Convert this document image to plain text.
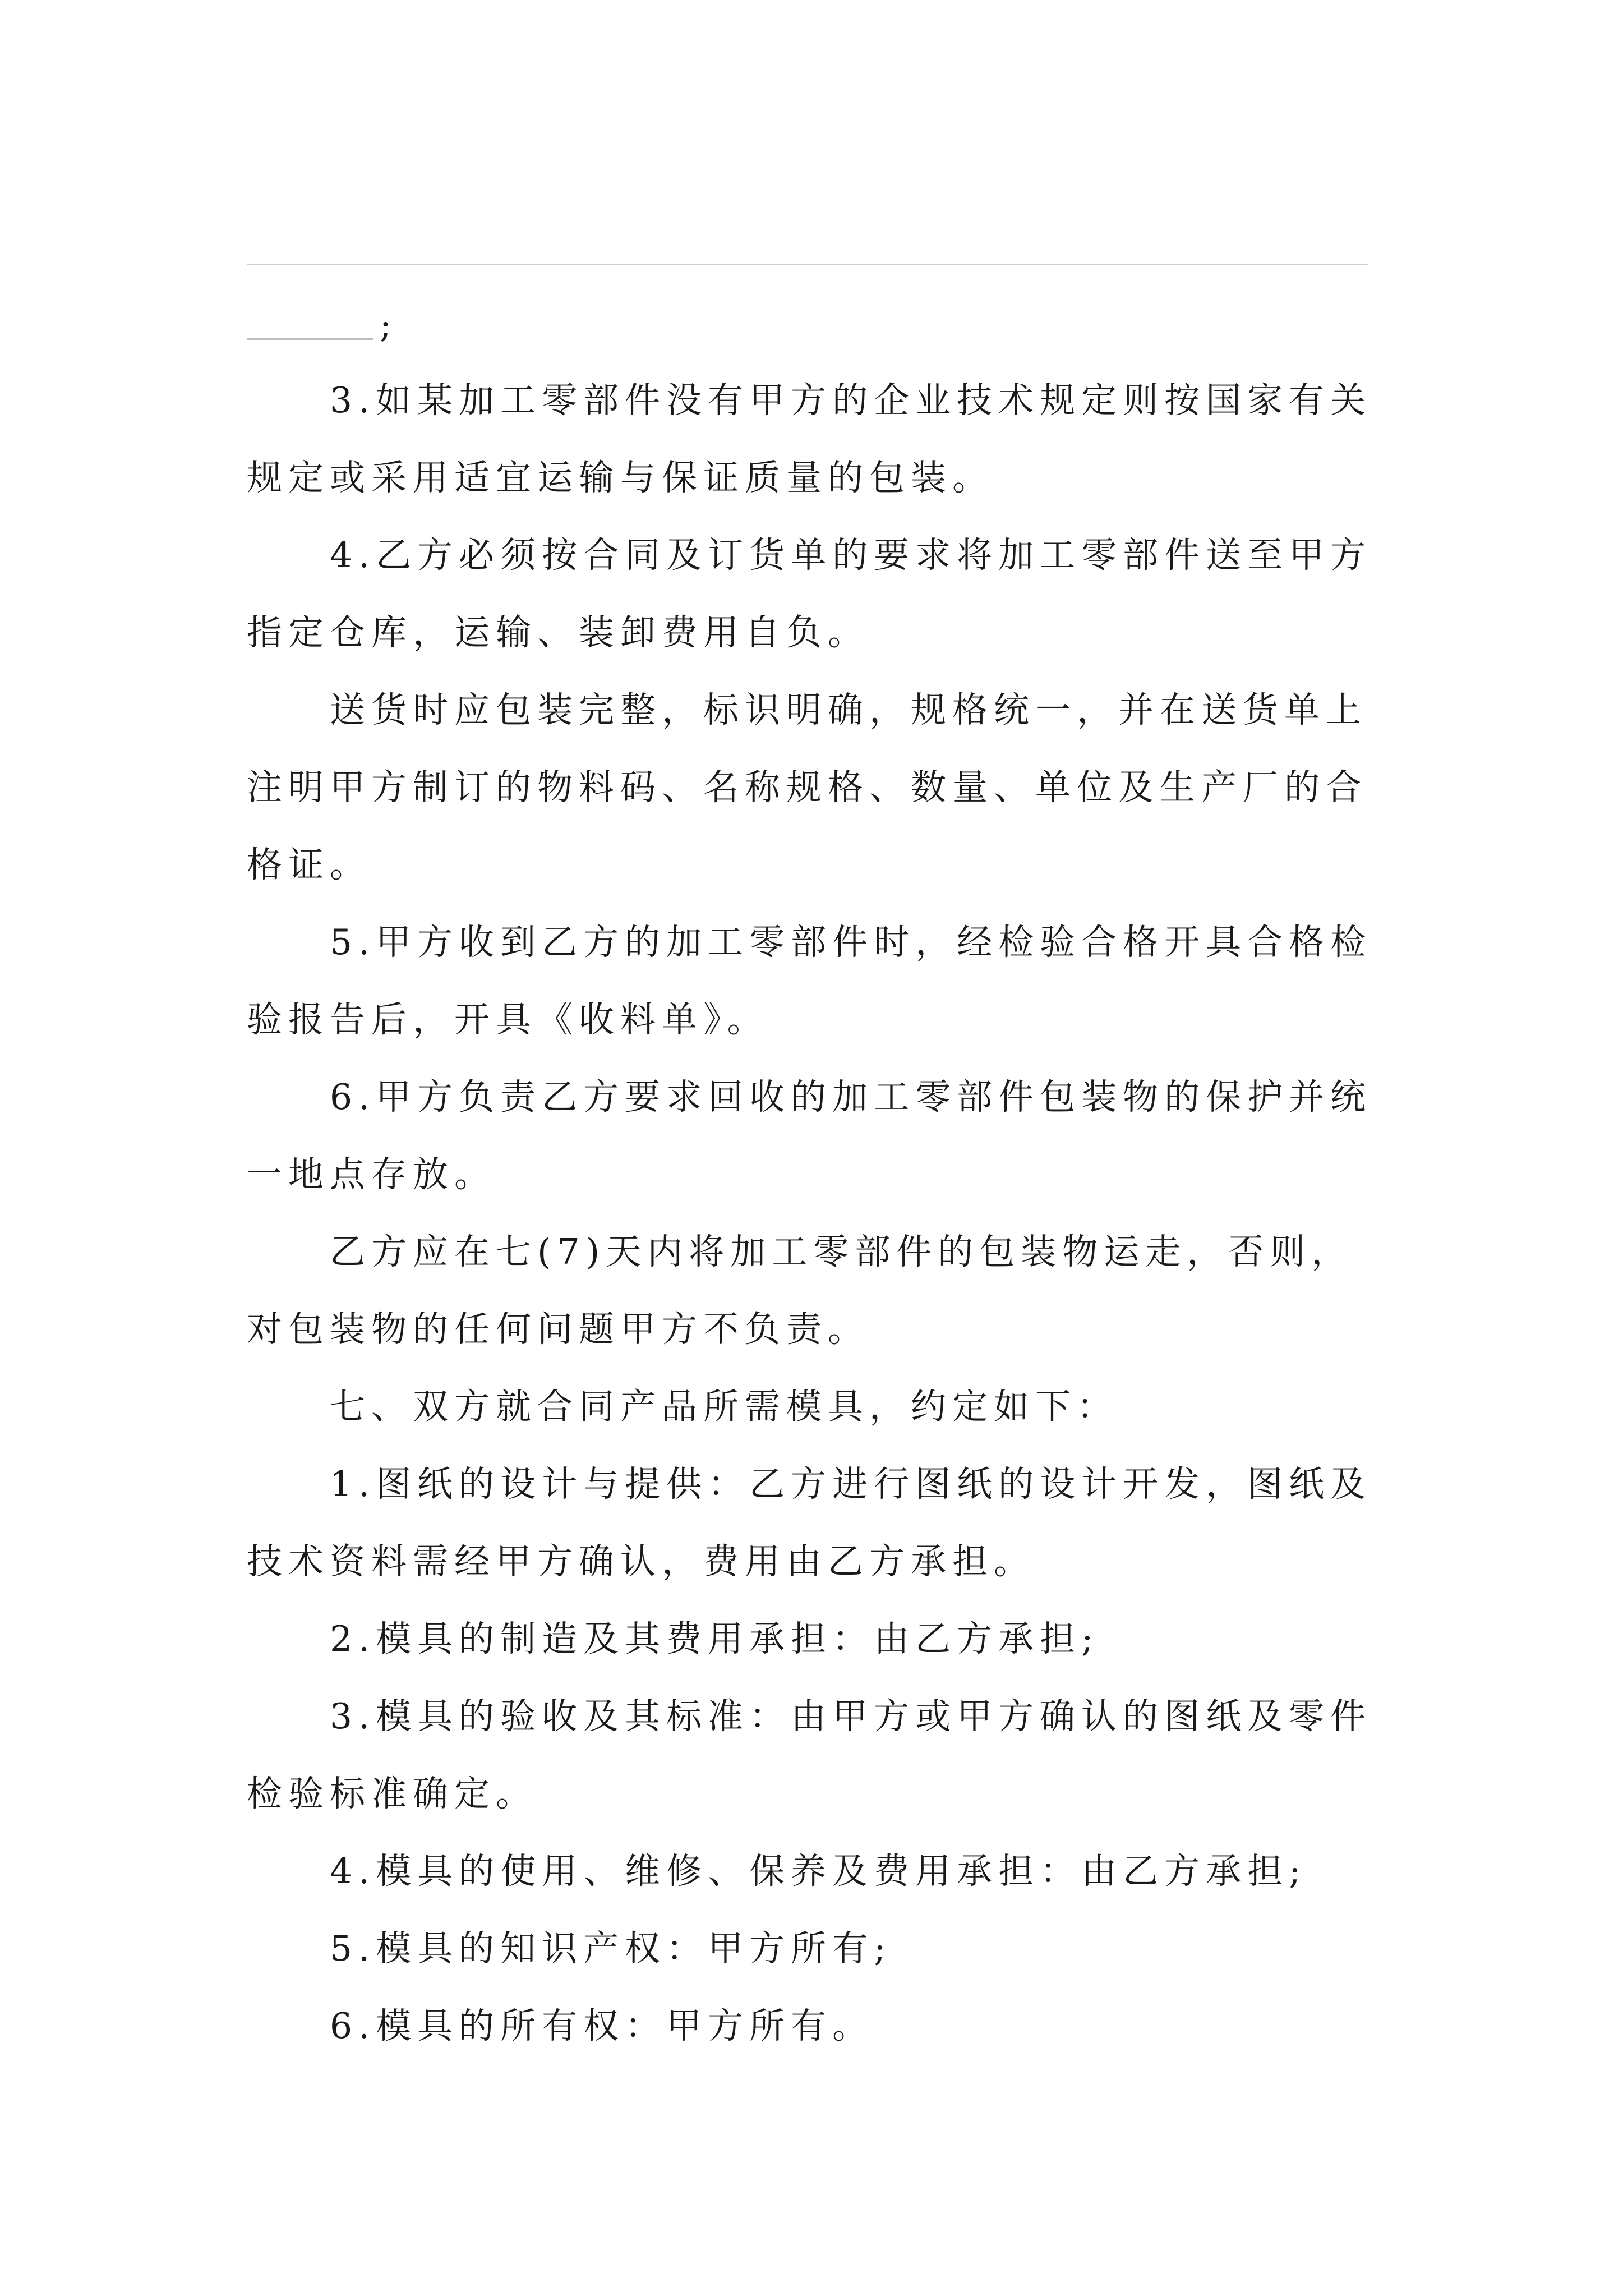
;

3.如某加工零部件没有甲方的企业技术规定则按国家有关规定或采用适宜运输与保证质量的包装。

4.乙方必须按合同及订货单的要求将加工零部件送至甲方指定仓库，运输、装卸费用自负。

送货时应包装完整，标识明确，规格统一，并在送货单上注明甲方制订的物料码、名称规格、数量、单位及生产厂的合格证。

5.甲方收到乙方的加工零部件时，经检验合格开具合格检验报告后，开具《收料单》。

6.甲方负责乙方要求回收的加工零部件包装物的保护并统一地点存放。

乙方应在七(7)天内将加工零部件的包装物运走，否则，对包装物的任何问题甲方不负责。

七、双方就合同产品所需模具，约定如下：

1.图纸的设计与提供：乙方进行图纸的设计开发，图纸及技术资料需经甲方确认，费用由乙方承担。

2.模具的制造及其费用承担：由乙方承担;

3.模具的验收及其标准：由甲方或甲方确认的图纸及零件检验标准确定。

4.模具的使用、维修、保养及费用承担：由乙方承担;

5.模具的知识产权：甲方所有;

6.模具的所有权：甲方所有。
